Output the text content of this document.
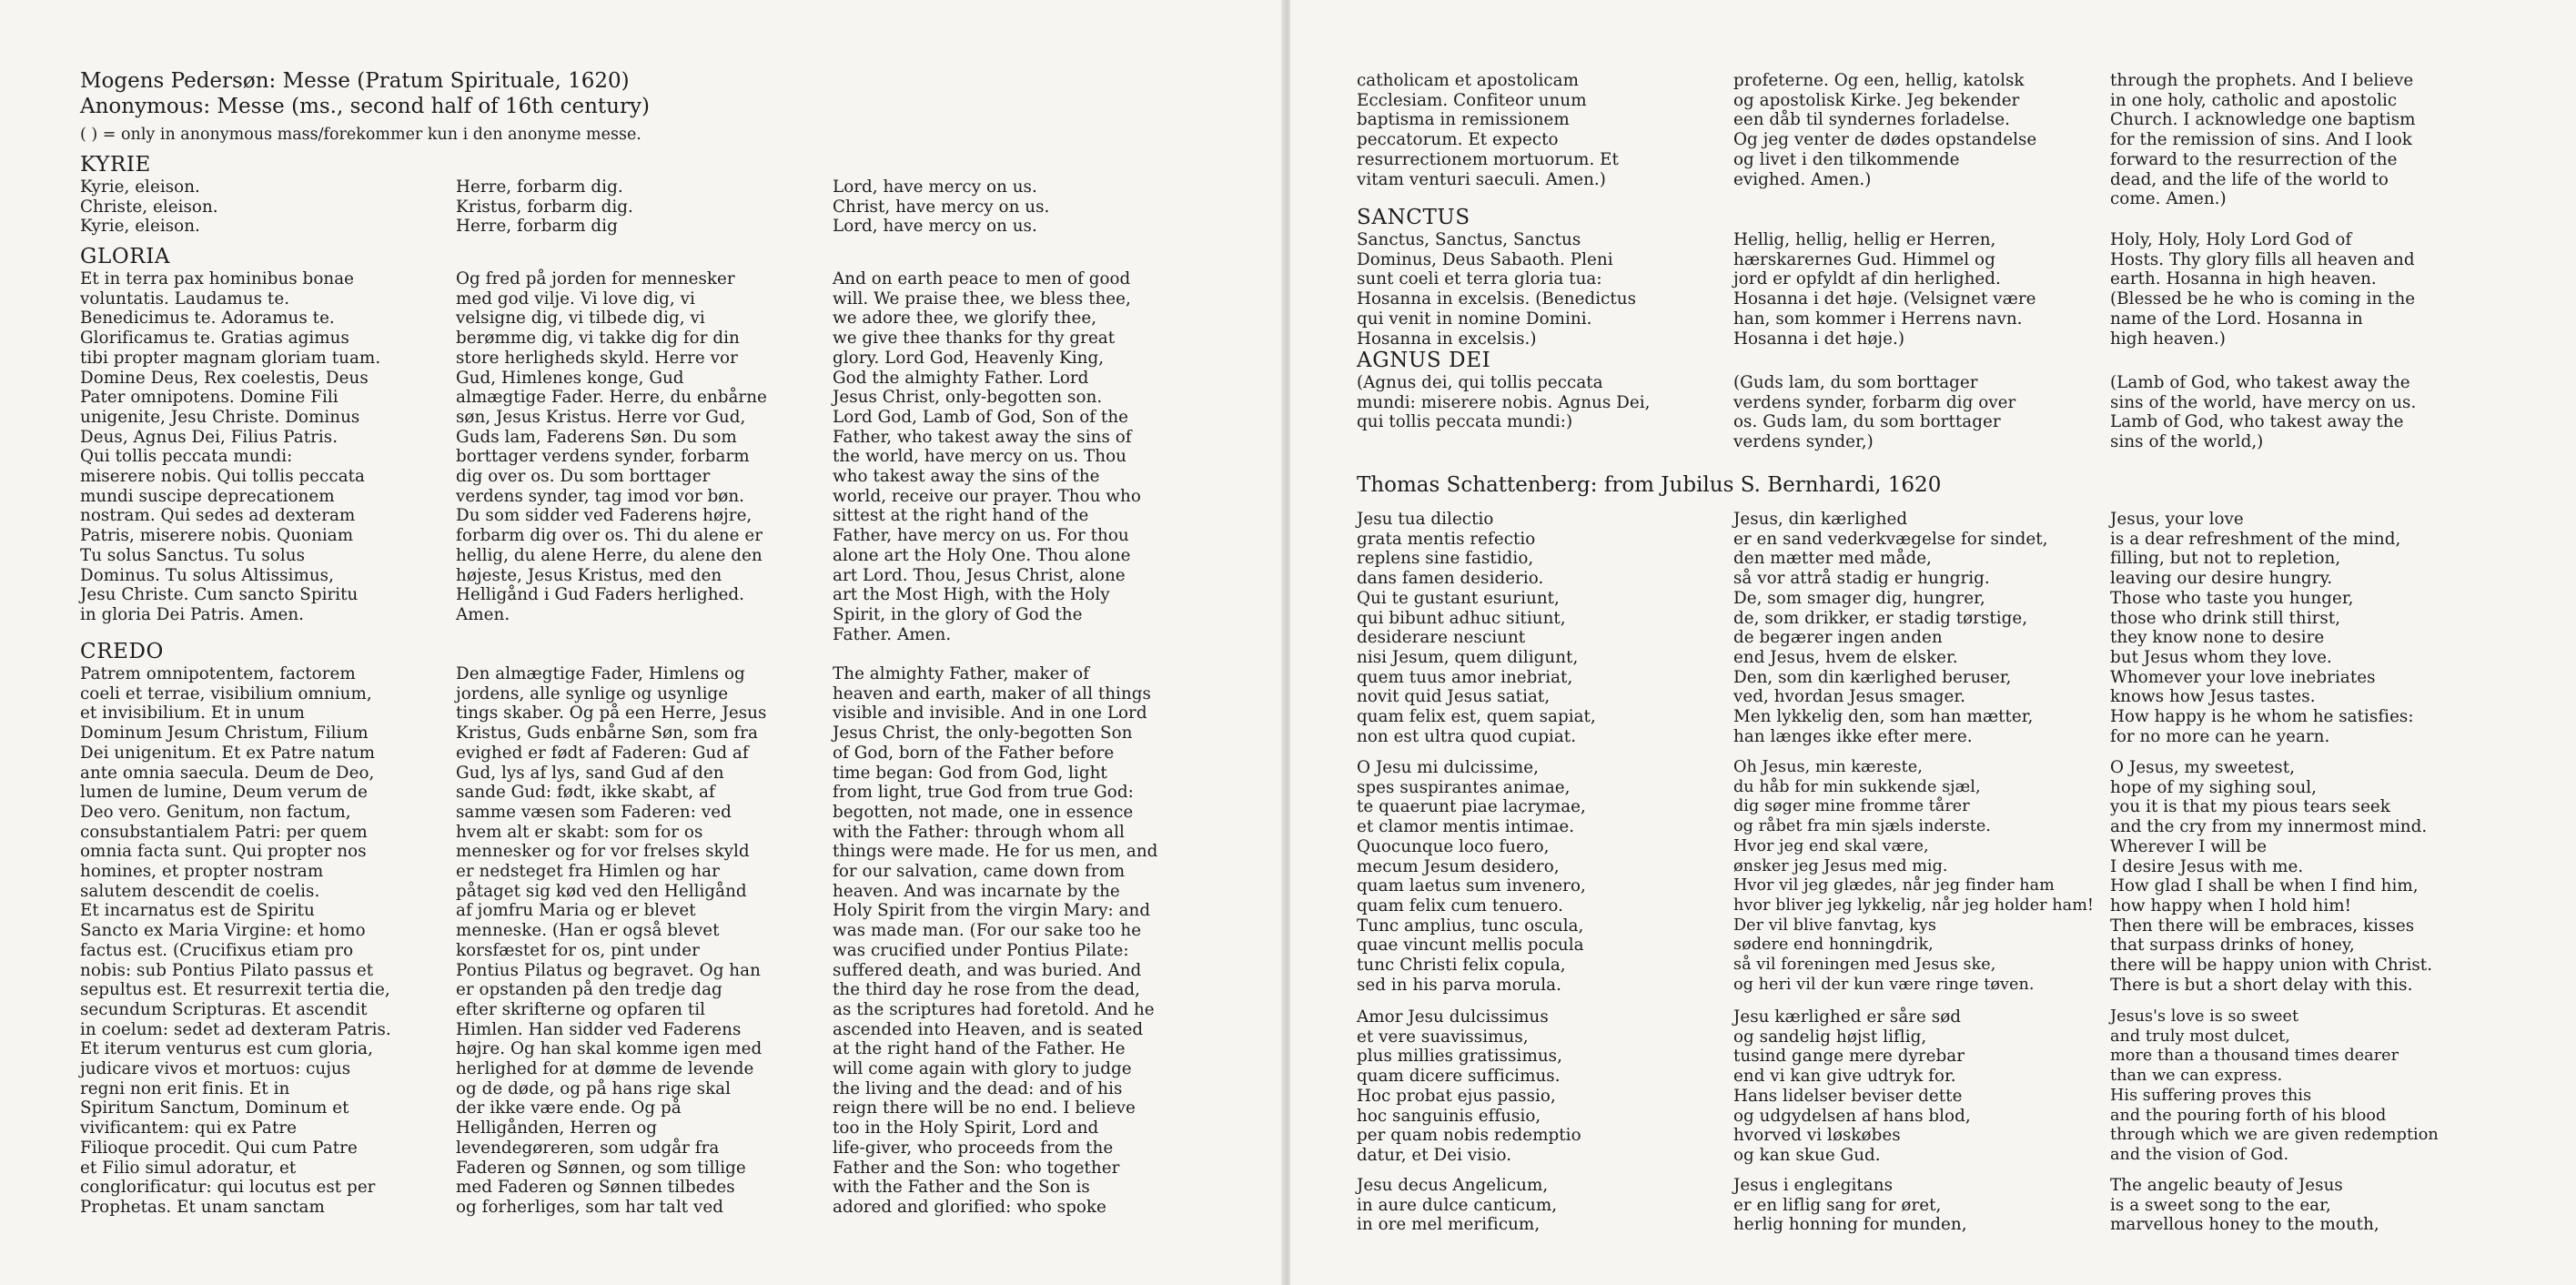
Mogens Pedersøn: Messe (Pratum Spirituale, 1620)
Anonymous: Messe (ms., second half of 16th century)
( ) = only in anonymous mass/forekommer kun i den anonyme messe.
KYRIE
Kyrie, eleison.
Christe, eleison.
Kyrie, eleison.
Herre, forbarm dig.
Kristus, forbarm dig.
Herre, forbarm dig
Lord, have mercy on us.
Christ, have mercy on us.
Lord, have mercy on us.
GLORIA
Et in terra pax hominibus bonae
voluntatis. Laudamus te.
Benedicimus te. Adoramus te.
Glorificamus te. Gratias agimus
tibi propter magnam gloriam tuam.
Domine Deus, Rex coelestis, Deus
Pater omnipotens. Domine Fili
unigenite, Jesu Christe. Dominus
Deus, Agnus Dei, Filius Patris.
Qui tollis peccata mundi:
miserere nobis. Qui tollis peccata
mundi suscipe deprecationem
nostram. Qui sedes ad dexteram
Patris, miserere nobis. Quoniam
Tu solus Sanctus. Tu solus
Dominus. Tu solus Altissimus,
Jesu Christe. Cum sancto Spiritu
in gloria Dei Patris. Amen.
Og fred på jorden for mennesker
med god vilje. Vi love dig, vi
velsigne dig, vi tilbede dig, vi
berømme dig, vi takke dig for din
store herligheds skyld. Herre vor
Gud, Himlenes konge, Gud
almægtige Fader. Herre, du enbårne
søn, Jesus Kristus. Herre vor Gud,
Guds lam, Faderens Søn. Du som
borttager verdens synder, forbarm
dig over os. Du som borttager
verdens synder, tag imod vor bøn.
Du som sidder ved Faderens højre,
forbarm dig over os. Thi du alene er
hellig, du alene Herre, du alene den
højeste, Jesus Kristus, med den
Helligånd i Gud Faders herlighed.
Amen.
And on earth peace to men of good
will. We praise thee, we bless thee,
we adore thee, we glorify thee,
we give thee thanks for thy great
glory. Lord God, Heavenly King,
God the almighty Father. Lord
Jesus Christ, only-begotten son.
Lord God, Lamb of God, Son of the
Father, who takest away the sins of
the world, have mercy on us. Thou
who takest away the sins of the
world, receive our prayer. Thou who
sittest at the right hand of the
Father, have mercy on us. For thou
alone art the Holy One. Thou alone
art Lord. Thou, Jesus Christ, alone
art the Most High, with the Holy
Spirit, in the glory of God the
Father. Amen.
CREDO
Patrem omnipotentem, factorem
coeli et terrae, visibilium omnium,
et invisibilium. Et in unum
Dominum Jesum Christum, Filium
Dei unigenitum. Et ex Patre natum
ante omnia saecula. Deum de Deo,
lumen de lumine, Deum verum de
Deo vero. Genitum, non factum,
consubstantialem Patri: per quem
omnia facta sunt. Qui propter nos
homines, et propter nostram
salutem descendit de coelis.
Et incarnatus est de Spiritu
Sancto ex Maria Virgine: et homo
factus est. (Crucifixus etiam pro
nobis: sub Pontius Pilato passus et
sepultus est. Et resurrexit tertia die,
secundum Scripturas. Et ascendit
in coelum: sedet ad dexteram Patris.
Et iterum venturus est cum gloria,
judicare vivos et mortuos: cujus
regni non erit finis. Et in
Spiritum Sanctum, Dominum et
vivificantem: qui ex Patre
Filioque procedit. Qui cum Patre
et Filio simul adoratur, et
conglorificatur: qui locutus est per
Prophetas. Et unam sanctam
Den almægtige Fader, Himlens og
jordens, alle synlige og usynlige
tings skaber. Og på een Herre, Jesus
Kristus, Guds enbårne Søn, som fra
evighed er født af Faderen: Gud af
Gud, lys af lys, sand Gud af den
sande Gud: født, ikke skabt, af
samme væsen som Faderen: ved
hvem alt er skabt: som for os
mennesker og for vor frelses skyld
er nedsteget fra Himlen og har
påtaget sig kød ved den Helligånd
af jomfru Maria og er blevet
menneske. (Han er også blevet
korsfæstet for os, pint under
Pontius Pilatus og begravet. Og han
er opstanden på den tredje dag
efter skrifterne og opfaren til
Himlen. Han sidder ved Faderens
højre. Og han skal komme igen med
herlighed for at dømme de levende
og de døde, og på hans rige skal
der ikke være ende. Og på
Helligånden, Herren og
levendegøreren, som udgår fra
Faderen og Sønnen, og som tillige
med Faderen og Sønnen tilbedes
og forherliges, som har talt ved
The almighty Father, maker of
heaven and earth, maker of all things
visible and invisible. And in one Lord
Jesus Christ, the only-begotten Son
of God, born of the Father before
time began: God from God, light
from light, true God from true God:
begotten, not made, one in essence
with the Father: through whom all
things were made. He for us men, and
for our salvation, came down from
heaven. And was incarnate by the
Holy Spirit from the virgin Mary: and
was made man. (For our sake too he
was crucified under Pontius Pilate:
suffered death, and was buried. And
the third day he rose from the dead,
as the scriptures had foretold. And he
ascended into Heaven, and is seated
at the right hand of the Father. He
will come again with glory to judge
the living and the dead: and of his
reign there will be no end. I believe
too in the Holy Spirit, Lord and
life-giver, who proceeds from the
Father and the Son: who together
with the Father and the Son is
adored and glorified: who spoke
catholicam et apostolicam
Ecclesiam. Confiteor unum
baptisma in remissionem
peccatorum. Et expecto
resurrectionem mortuorum. Et
vitam venturi saeculi. Amen.)
profeterne. Og een, hellig, katolsk
og apostolisk Kirke. Jeg bekender
een dåb til syndernes forladelse.
Og jeg venter de dødes opstandelse
og livet i den tilkommende
evighed. Amen.)
through the prophets. And I believe
in one holy, catholic and apostolic
Church. I acknowledge one baptism
for the remission of sins. And I look
forward to the resurrection of the
dead, and the life of the world to
come. Amen.)
SANCTUS
Sanctus, Sanctus, Sanctus
Dominus, Deus Sabaoth. Pleni
sunt coeli et terra gloria tua:
Hosanna in excelsis. (Benedictus
qui venit in nomine Domini.
Hosanna in excelsis.)
Hellig, hellig, hellig er Herren,
hærskarernes Gud. Himmel og
jord er opfyldt af din herlighed.
Hosanna i det høje. (Velsignet være
han, som kommer i Herrens navn.
Hosanna i det høje.)
Holy, Holy, Holy Lord God of
Hosts. Thy glory fills all heaven and
earth. Hosanna in high heaven.
(Blessed be he who is coming in the
name of the Lord. Hosanna in
high heaven.)
AGNUS DEI
(Agnus dei, qui tollis peccata
mundi: miserere nobis. Agnus Dei,
qui tollis peccata mundi:)
(Guds lam, du som borttager
verdens synder, forbarm dig over
os. Guds lam, du som borttager
verdens synder,)
(Lamb of God, who takest away the
sins of the world, have mercy on us.
Lamb of God, who takest away the
sins of the world,)
Thomas Schattenberg: from Jubilus S. Bernhardi, 1620
Jesu tua dilectio
grata mentis refectio
replens sine fastidio,
dans famen desiderio.
Qui te gustant esuriunt,
qui bibunt adhuc sitiunt,
desiderare nesciunt
nisi Jesum, quem diligunt,
quem tuus amor inebriat,
novit quid Jesus satiat,
quam felix est, quem sapiat,
non est ultra quod cupiat.
Jesus, din kærlighed
er en sand vederkvægelse for sindet,
den mætter med måde,
så vor attrå stadig er hungrig.
De, som smager dig, hungrer,
de, som drikker, er stadig tørstige,
de begærer ingen anden
end Jesus, hvem de elsker.
Den, som din kærlighed beruser,
ved, hvordan Jesus smager.
Men lykkelig den, som han mætter,
han længes ikke efter mere.
Jesus, your love
is a dear refreshment of the mind,
filling, but not to repletion,
leaving our desire hungry.
Those who taste you hunger,
those who drink still thirst,
they know none to desire
but Jesus whom they love.
Whomever your love inebriates
knows how Jesus tastes.
How happy is he whom he satisfies:
for no more can he yearn.
O Jesu mi dulcissime,
spes suspirantes animae,
te quaerunt piae lacrymae,
et clamor mentis intimae.
Quocunque loco fuero,
mecum Jesum desidero,
quam laetus sum invenero,
quam felix cum tenuero.
Tunc amplius, tunc oscula,
quae vincunt mellis pocula
tunc Christi felix copula,
sed in his parva morula.
Oh Jesus, min kæreste,
du håb for min sukkende sjæl,
dig søger mine fromme tårer
og råbet fra min sjæls inderste.
Hvor jeg end skal være,
ønsker jeg Jesus med mig.
Hvor vil jeg glædes, når jeg finder ham
hvor bliver jeg lykkelig, når jeg holder ham!
Der vil blive fanvtag, kys
sødere end honningdrik,
så vil foreningen med Jesus ske,
og heri vil der kun være ringe tøven.
O Jesus, my sweetest,
hope of my sighing soul,
you it is that my pious tears seek
and the cry from my innermost mind.
Wherever I will be
I desire Jesus with me.
How glad I shall be when I find him,
how happy when I hold him!
Then there will be embraces, kisses
that surpass drinks of honey,
there will be happy union with Christ.
There is but a short delay with this.
Amor Jesu dulcissimus
et vere suavissimus,
plus millies gratissimus,
quam dicere sufficimus.
Hoc probat ejus passio,
hoc sanguinis effusio,
per quam nobis redemptio
datur, et Dei visio.
Jesu kærlighed er såre sød
og sandelig højst liflig,
tusind gange mere dyrebar
end vi kan give udtryk for.
Hans lidelser beviser dette
og udgydelsen af hans blod,
hvorved vi løskøbes
og kan skue Gud.
Jesus's love is so sweet
and truly most dulcet,
more than a thousand times dearer
than we can express.
His suffering proves this
and the pouring forth of his blood
through which we are given redemption
and the vision of God.
Jesu decus Angelicum,
in aure dulce canticum,
in ore mel merificum,
Jesus i englegitans
er en liflig sang for øret,
herlig honning for munden,
The angelic beauty of Jesus
is a sweet song to the ear,
marvellous honey to the mouth,
